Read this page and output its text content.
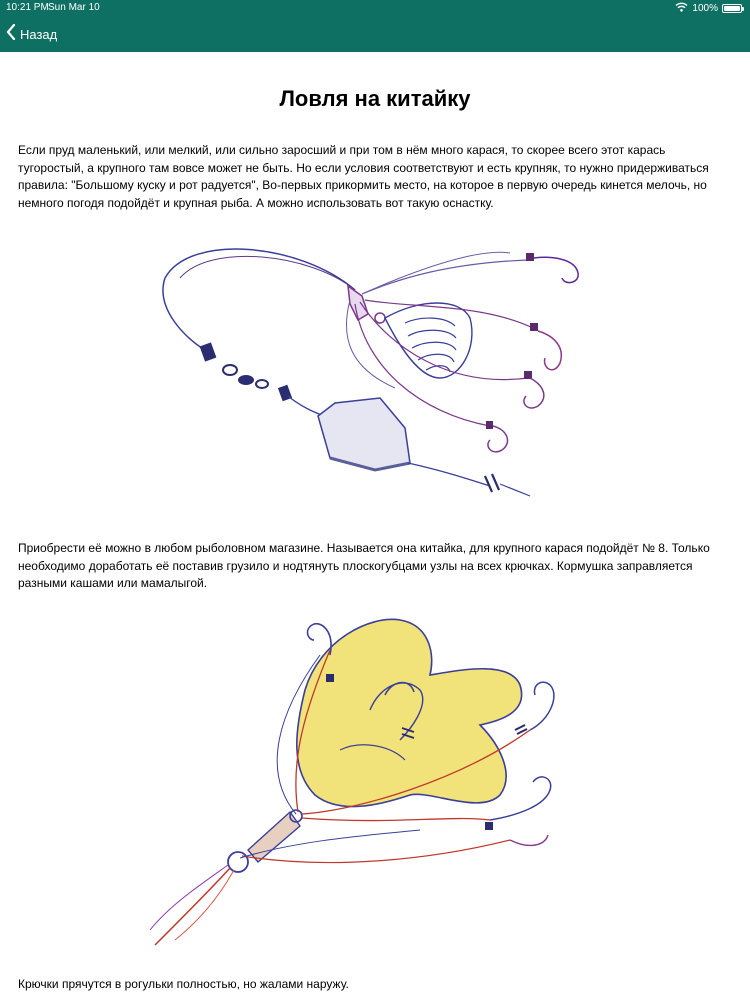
10:21 PM Sun Mar 10	100%
Назад
Ловля на китайку

Если пруд маленький, или мелкий, или сильно заросший и при том в нём много карася, то скорее всего этот карась тугоростый, а крупного там вовсе может не быть. Но если условия соответствуют и есть крупняк, то нужно придерживаться правила: "Большому куску и рот радуется", Во-первых прикормить место, на которое в первую очередь кинется мелочь, но немного погодя подойдёт и крупная рыба. А можно использовать вот такую оснастку.

Приобрести её можно в любом рыболовном магазине. Называется она китайка, для крупного карася подойдёт № 8. Только необходимо доработать её поставив грузило и нодтянуть плоскогубцами узлы на всех крючках. Кормушка заправляется разными кашами или мамалыгой.

Крючки прячутся в рогульки полностью, но жалами наружу.
